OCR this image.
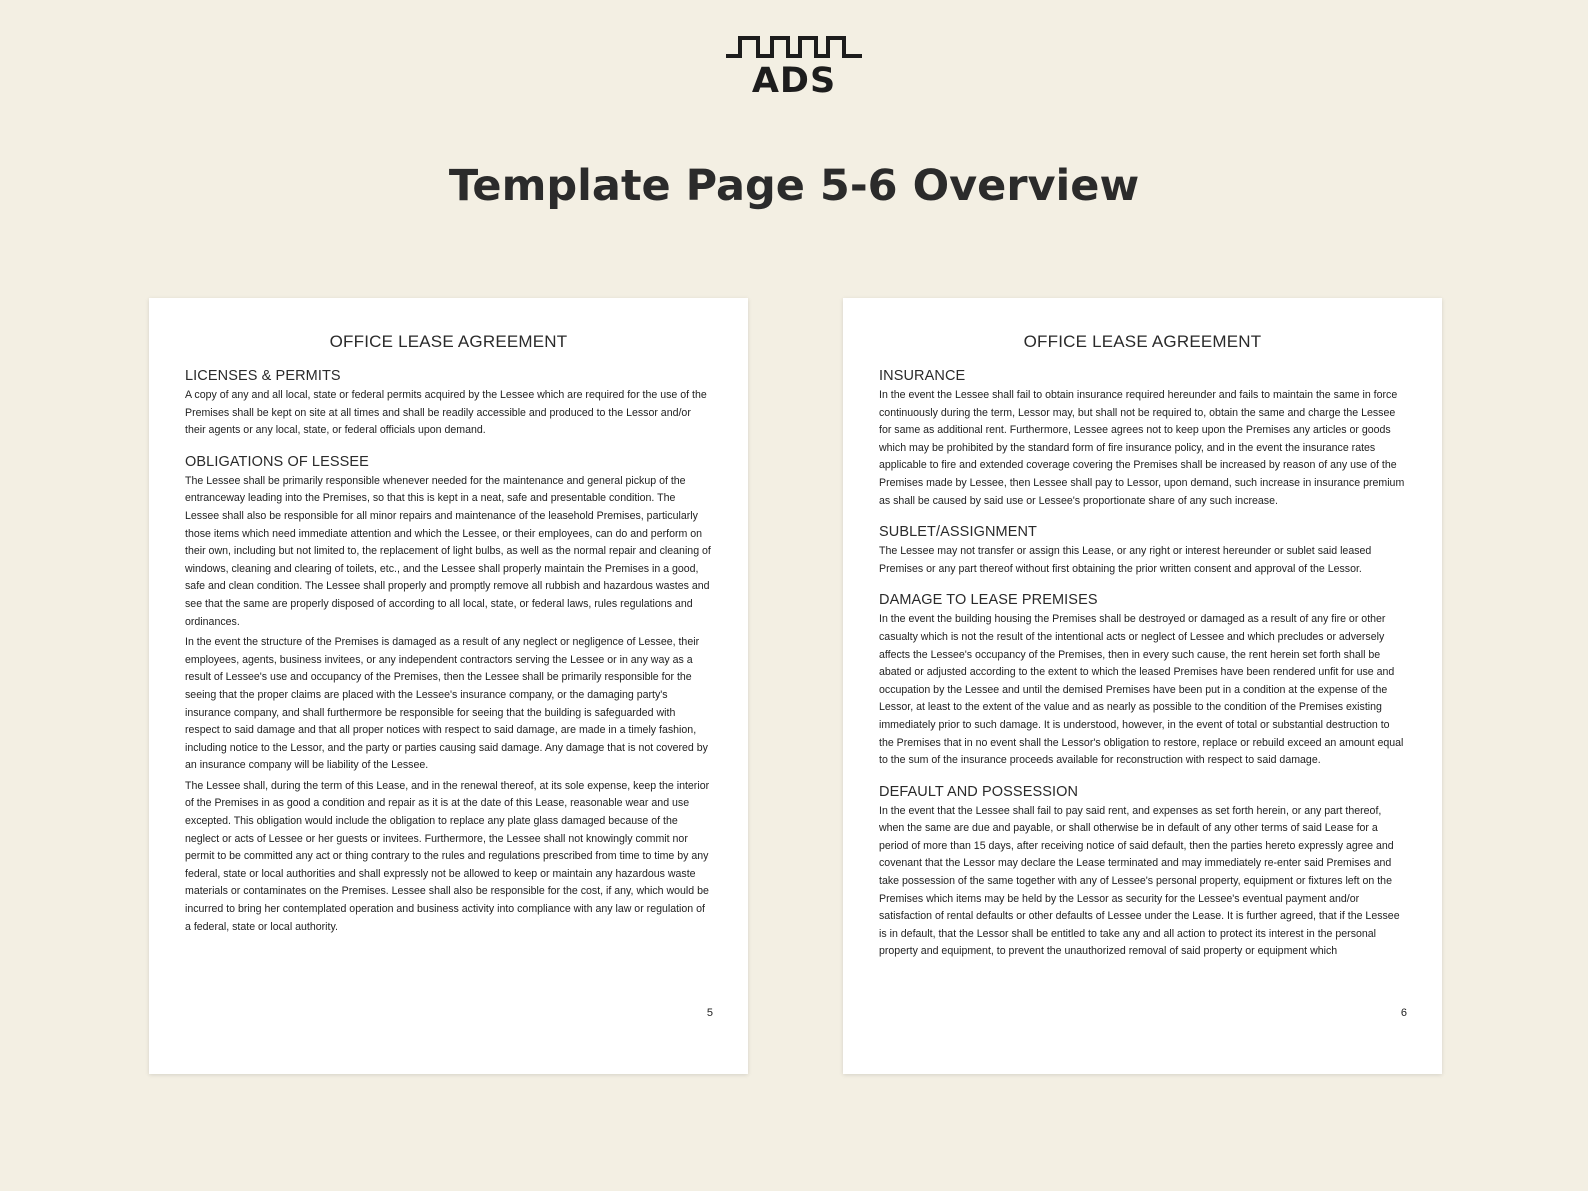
ADS
Template Page 5-6 Overview
OFFICE LEASE AGREEMENT
LICENSES & PERMITS

A copy of any and all local, state or federal permits acquired by the Lessee which are required for the use of the Premises shall be kept on site at all times and shall be readily accessible and produced to the Lessor and/or their agents or any local, state, or federal officials upon demand.

OBLIGATIONS OF LESSEE

The Lessee shall be primarily responsible whenever needed for the maintenance and general pickup of the entranceway leading into the Premises, so that this is kept in a neat, safe and presentable condition. The Lessee shall also be responsible for all minor repairs and maintenance of the leasehold Premises, particularly those items which need immediate attention and which the Lessee, or their employees, can do and perform on their own, including but not limited to, the replacement of light bulbs, as well as the normal repair and cleaning of windows, cleaning and clearing of toilets, etc., and the Lessee shall properly maintain the Premises in a good, safe and clean condition. The Lessee shall properly and promptly remove all rubbish and hazardous wastes and see that the same are properly disposed of according to all local, state, or federal laws, rules regulations and ordinances.

In the event the structure of the Premises is damaged as a result of any neglect or negligence of Lessee, their employees, agents, business invitees, or any independent contractors serving the Lessee or in any way as a result of Lessee's use and occupancy of the Premises, then the Lessee shall be primarily responsible for the seeing that the proper claims are placed with the Lessee's insurance company, or the damaging party's insurance company, and shall furthermore be responsible for seeing that the building is safeguarded with respect to said damage and that all proper notices with respect to said damage, are made in a timely fashion, including notice to the Lessor, and the party or parties causing said damage. Any damage that is not covered by an insurance company will be liability of the Lessee.

The Lessee shall, during the term of this Lease, and in the renewal thereof, at its sole expense, keep the interior of the Premises in as good a condition and repair as it is at the date of this Lease, reasonable wear and use excepted. This obligation would include the obligation to replace any plate glass damaged because of the neglect or acts of Lessee or her guests or invitees. Furthermore, the Lessee shall not knowingly commit nor permit to be committed any act or thing contrary to the rules and regulations prescribed from time to time by any federal, state or local authorities and shall expressly not be allowed to keep or maintain any hazardous waste materials or contaminates on the Premises. Lessee shall also be responsible for the cost, if any, which would be incurred to bring her contemplated operation and business activity into compliance with any law or regulation of a federal, state or local authority.

5
OFFICE LEASE AGREEMENT
INSURANCE

In the event the Lessee shall fail to obtain insurance required hereunder and fails to maintain the same in force continuously during the term, Lessor may, but shall not be required to, obtain the same and charge the Lessee for same as additional rent. Furthermore, Lessee agrees not to keep upon the Premises any articles or goods which may be prohibited by the standard form of fire insurance policy, and in the event the insurance rates applicable to fire and extended coverage covering the Premises shall be increased by reason of any use of the Premises made by Lessee, then Lessee shall pay to Lessor, upon demand, such increase in insurance premium as shall be caused by said use or Lessee's proportionate share of any such increase.

SUBLET/ASSIGNMENT

The Lessee may not transfer or assign this Lease, or any right or interest hereunder or sublet said leased Premises or any part thereof without first obtaining the prior written consent and approval of the Lessor.

DAMAGE TO LEASE PREMISES

In the event the building housing the Premises shall be destroyed or damaged as a result of any fire or other casualty which is not the result of the intentional acts or neglect of Lessee and which precludes or adversely affects the Lessee's occupancy of the Premises, then in every such cause, the rent herein set forth shall be abated or adjusted according to the extent to which the leased Premises have been rendered unfit for use and occupation by the Lessee and until the demised Premises have been put in a condition at the expense of the Lessor, at least to the extent of the value and as nearly as possible to the condition of the Premises existing immediately prior to such damage. It is understood, however, in the event of total or substantial destruction to the Premises that in no event shall the Lessor's obligation to restore, replace or rebuild exceed an amount equal to the sum of the insurance proceeds available for reconstruction with respect to said damage.

DEFAULT AND POSSESSION

In the event that the Lessee shall fail to pay said rent, and expenses as set forth herein, or any part thereof, when the same are due and payable, or shall otherwise be in default of any other terms of said Lease for a period of more than 15 days, after receiving notice of said default, then the parties hereto expressly agree and covenant that the Lessor may declare the Lease terminated and may immediately re-enter said Premises and take possession of the same together with any of Lessee's personal property, equipment or fixtures left on the Premises which items may be held by the Lessor as security for the Lessee's eventual payment and/or satisfaction of rental defaults or other defaults of Lessee under the Lease. It is further agreed, that if the Lessee is in default, that the Lessor shall be entitled to take any and all action to protect its interest in the personal property and equipment, to prevent the unauthorized removal of said property or equipment which

6
